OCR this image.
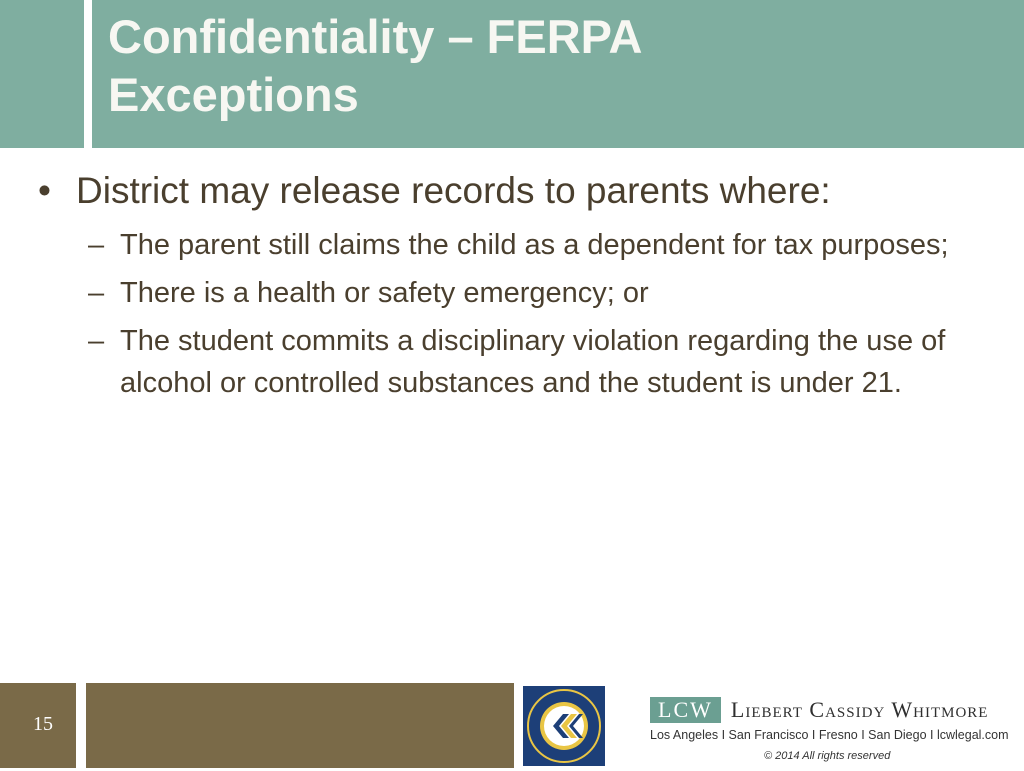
Confidentiality – FERPA
Exceptions
• District may release records to parents where:
– The parent still claims the child as a dependent for tax purposes;
– There is a health or safety emergency; or
– The student commits a disciplinary violation regarding the use of alcohol or controlled substances and the student is under 21.
15
LCW Liebert Cassidy Whitmore
Los Angeles I San Francisco I Fresno I San Diego I lcwlegal.com
© 2014 All rights reserved
